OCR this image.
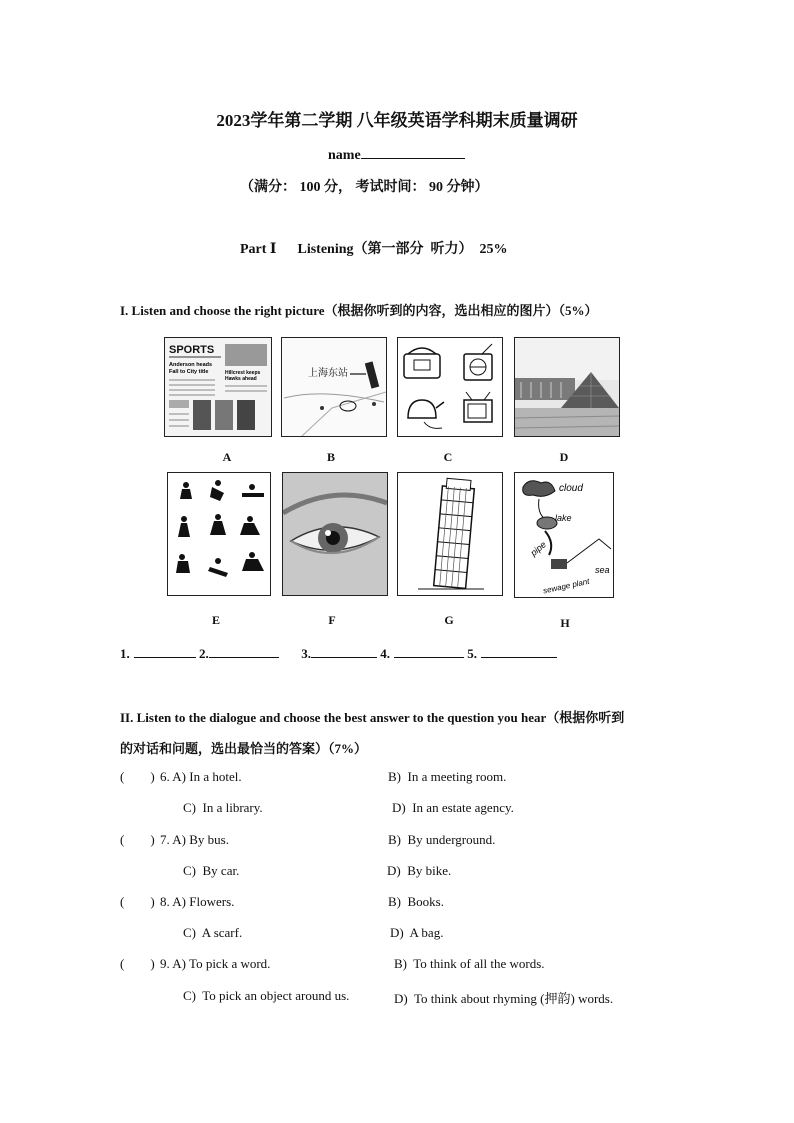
2023学年第二学期 八年级英语学科期末质量调研
name
（满分： 100 分， 考试时间： 90 分钟）
Part Ⅰ      Listening（第一部分  听力）  25%
I. Listen and choose the right picture（根据你听到的内容，选出相应的图片）（5%）
SPORTS
Anderson heads
Fall to City title	Hillcrest keeps
Hawks ahead	上海东站
A	B	C	D
cloud
lake
pipe
sea
sewage plant
E	F	G	H
1.	2.	3.	4.	5.
II. Listen to the dialogue and choose the best answer to the question you hear（根据你听到
的对话和问题，选出最恰当的答案）（7%）
(        ) 6. A) In a hotel.	B)  In a meeting room.
C)  In a library.	D)  In an estate agency.
(        ) 7. A) By bus.	B)  By underground.
C)  By car.	D)  By bike.
(        ) 8. A) Flowers.	B)  Books.
C)  A scarf.	D)  A bag.
(        ) 9. A) To pick a word.	B)  To think of all the words.
C)  To pick an object around us.	D)  To think about rhyming (押韵) words.
